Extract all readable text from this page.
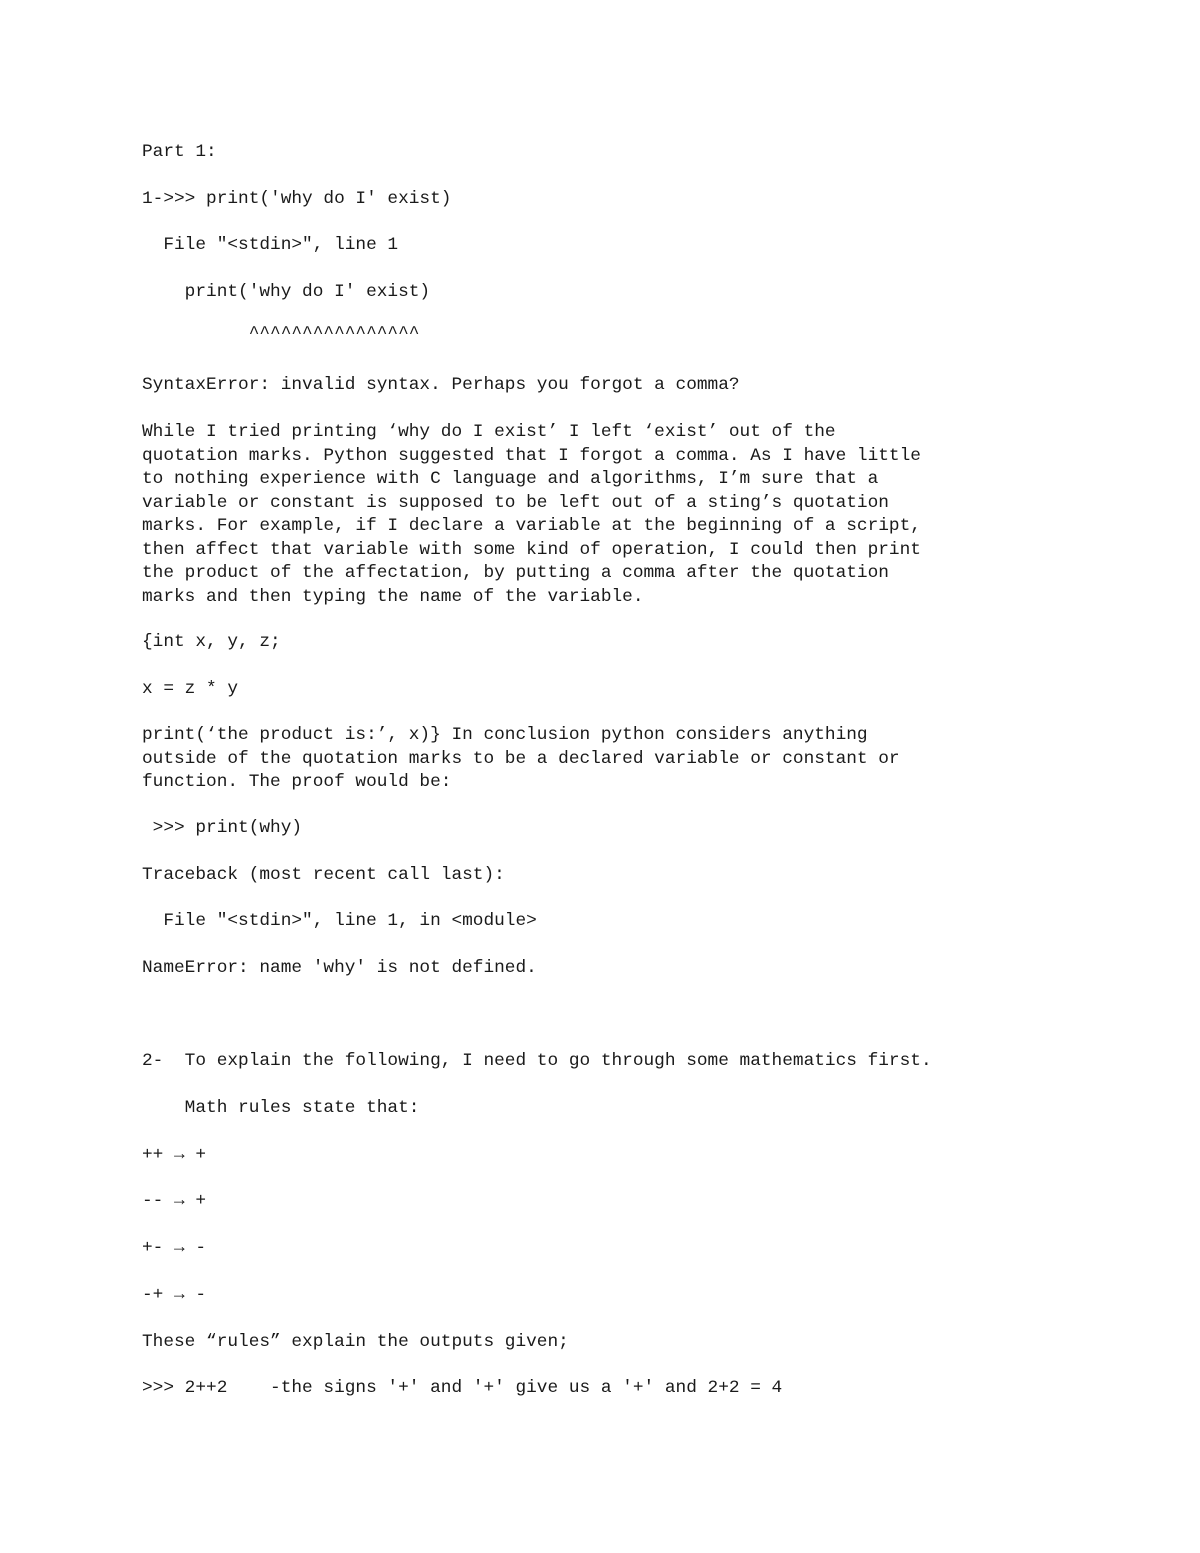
Part 1:

1->>> print('why do I' exist)

File "<stdin>", line 1

print('why do I' exist)

^^^^^^^^^^^^^^^^

SyntaxError: invalid syntax. Perhaps you forgot a comma?

While I tried printing ‘why do I exist’ I left ‘exist’ out of the
quotation marks. Python suggested that I forgot a comma. As I have little
to nothing experience with C language and algorithms, I’m sure that a
variable or constant is supposed to be left out of a sting’s quotation
marks. For example, if I declare a variable at the beginning of a script,
then affect that variable with some kind of operation, I could then print
the product of the affectation, by putting a comma after the quotation
marks and then typing the name of the variable.

{int x, y, z;

x = z * y

print(‘the product is:’, x)} In conclusion python considers anything
outside of the quotation marks to be a declared variable or constant or
function. The proof would be:

>>> print(why)

Traceback (most recent call last):

File "<stdin>", line 1, in <module>

NameError: name 'why' is not defined.

2-  To explain the following, I need to go through some mathematics first.

Math rules state that:

++ → +

-- → +

+- → -

-+ → -

These “rules” explain the outputs given;

>>> 2++2    -the signs '+' and '+' give us a '+' and 2+2 = 4
